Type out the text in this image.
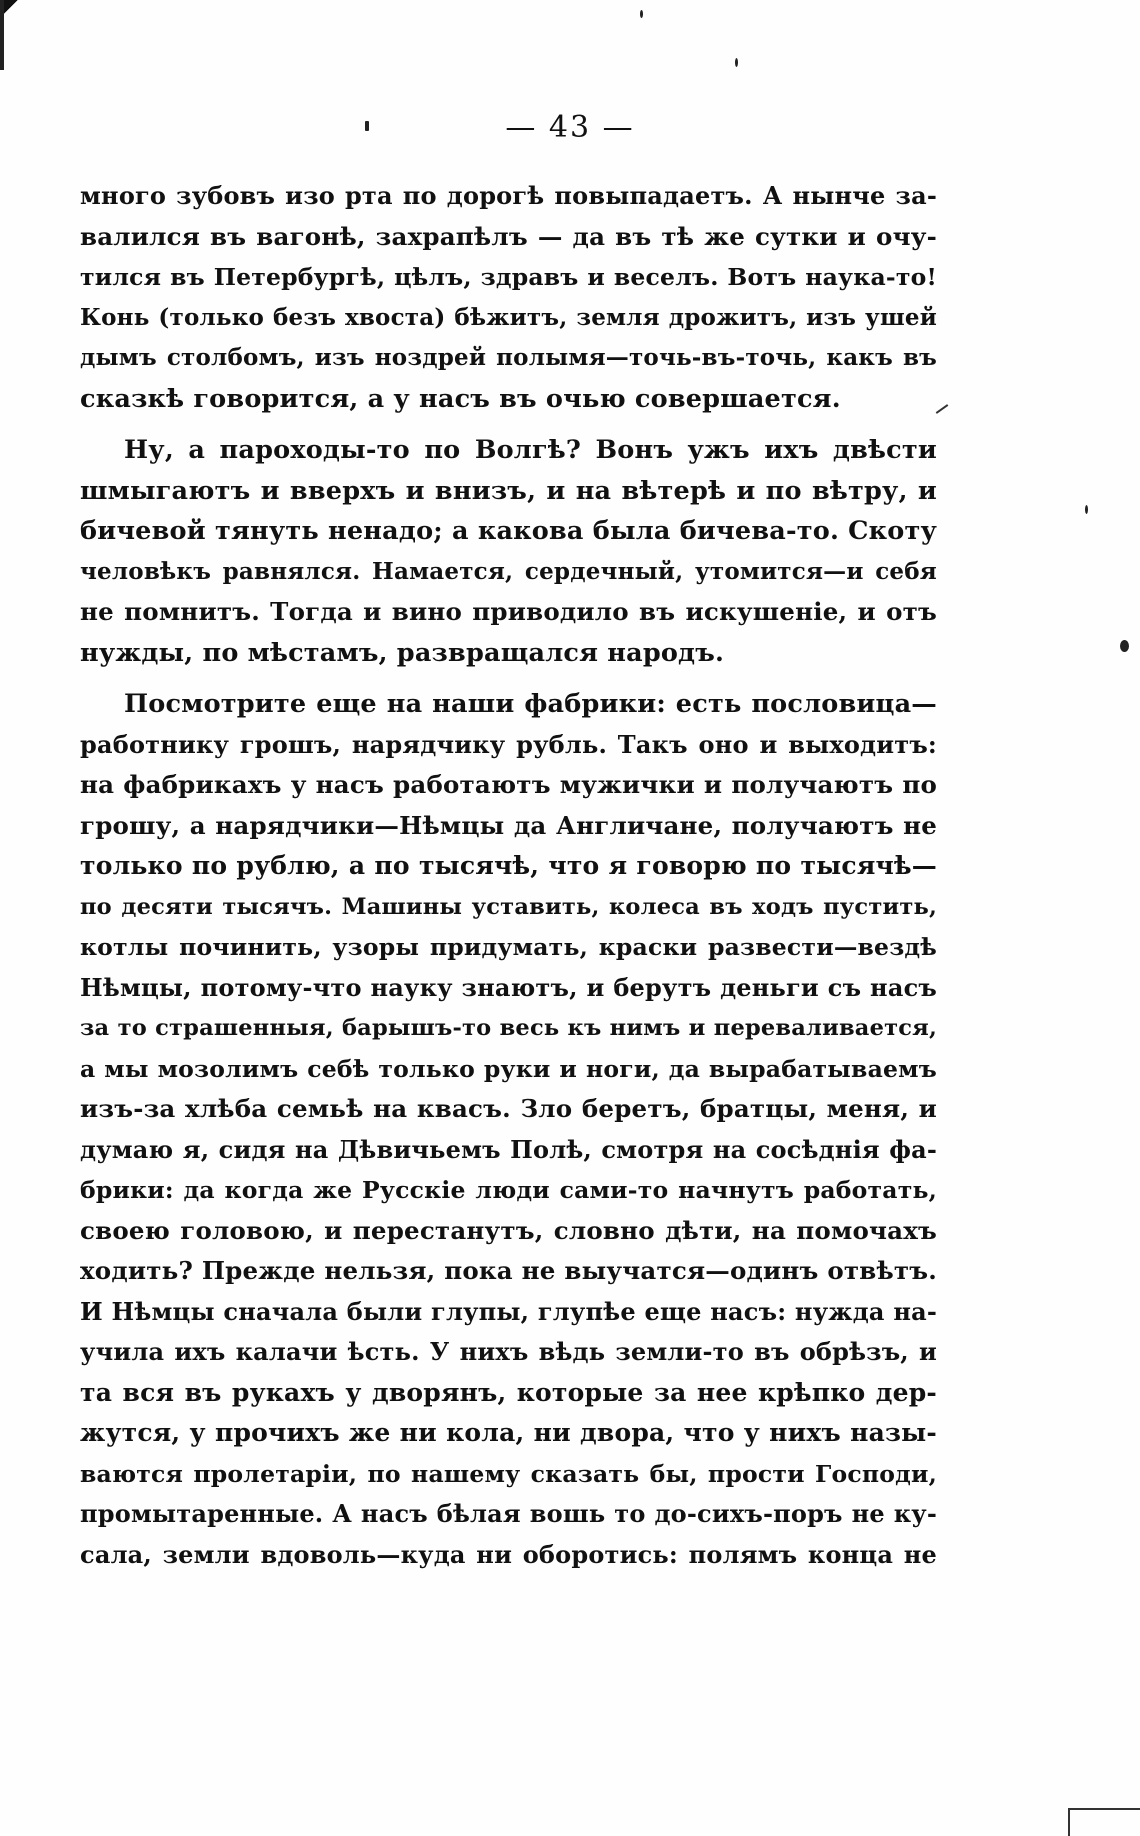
— 43 —
много зубовъ изо рта по дорогѣ повыпадаетъ. А нынче за-
валился въ вагонѣ, захрапѣлъ — да въ тѣ же сутки и очу-
тился въ Петербургѣ, цѣлъ, здравъ и веселъ. Вотъ наука-то!
Конь (только безъ хвоста) бѣжитъ, земля дрожитъ, изъ ушей
дымъ столбомъ, изъ ноздрей полымя—точь-въ-точь, какъ въ
сказкѣ говорится, а у насъ въ очью совершается.
Ну, а пароходы-то по Волгѣ? Вонъ ужъ ихъ двѣсти
шмыгаютъ и вверхъ и внизъ, и на вѣтерѣ и по вѣтру, и
бичевой тянуть ненадо; а какова была бичева-то. Скоту
человѣкъ равнялся. Намается, сердечный, утомится—и себя
не помнитъ. Тогда и вино приводило въ искушеніе, и отъ
нужды, по мѣстамъ, развращался народъ.
Посмотрите еще на наши фабрики: есть пословица—
работнику грошъ, нарядчику рубль. Такъ оно и выходитъ:
на фабрикахъ у насъ работаютъ мужички и получаютъ по
грошу, а нарядчики—Нѣмцы да Англичане, получаютъ не
только по рублю, а по тысячѣ, что я говорю по тысячѣ—
по десяти тысячъ. Машины уставить, колеса въ ходъ пустить,
котлы починить, узоры придумать, краски развести—вездѣ
Нѣмцы, потому-что науку знаютъ, и берутъ деньги съ насъ
за то страшенныя, барышъ-то весь къ нимъ и переваливается,
а мы мозолимъ себѣ только руки и ноги, да вырабатываемъ
изъ-за хлѣба семьѣ на квасъ. Зло беретъ, братцы, меня, и
думаю я, сидя на Дѣвичьемъ Полѣ, смотря на сосѣднія фа-
брики: да когда же Русскіе люди сами-то начнутъ работать,
своею головою, и перестанутъ, словно дѣти, на помочахъ
ходить? Прежде нельзя, пока не выучатся—одинъ отвѣтъ.
И Нѣмцы сначала были глупы, глупѣе еще насъ: нужда на-
учила ихъ калачи ѣсть. У нихъ вѣдь земли-то въ обрѣзъ, и
та вся въ рукахъ у дворянъ, которые за нее крѣпко дер-
жутся, у прочихъ же ни кола, ни двора, что у нихъ назы-
ваются пролетаріи, по нашему сказать бы, прости Господи,
промытаренные. А насъ бѣлая вошь то до-сихъ-поръ не ку-
сала, земли вдоволь—куда ни оборотись: полямъ конца не
